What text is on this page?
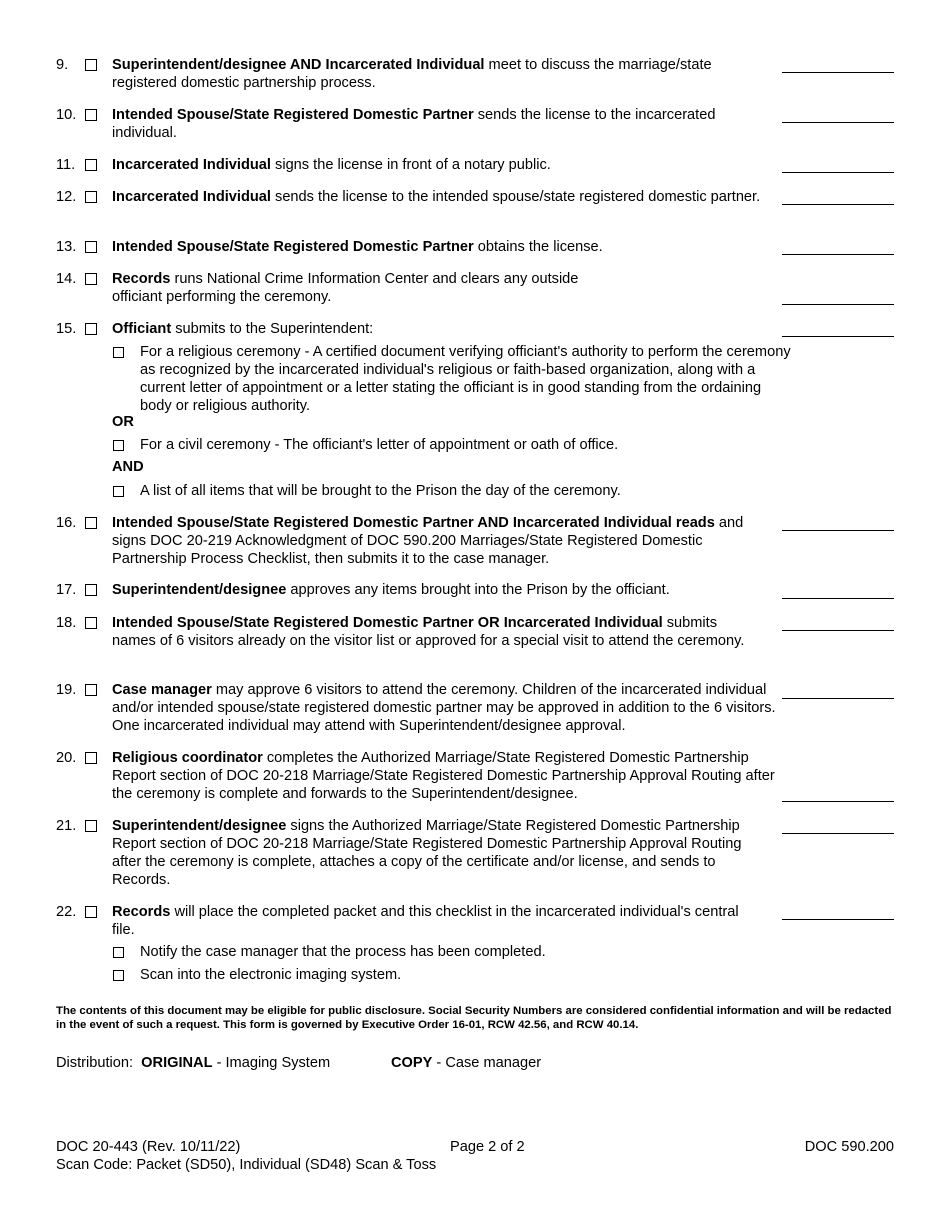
9.	Superintendent/designee AND Incarcerated Individual meet to discuss the marriage/state registered domestic partnership process.
10.	Intended Spouse/State Registered Domestic Partner sends the license to the incarcerated individual.
11.	Incarcerated Individual signs the license in front of a notary public.
12.	Incarcerated Individual sends the license to the intended spouse/state registered domestic partner.
13.	Intended Spouse/State Registered Domestic Partner obtains the license.
14.	Records runs National Crime Information Center and clears any outside officiant performing the ceremony.
15.	Officiant submits to the Superintendent:
For a religious ceremony - A certified document verifying officiant's authority to perform the ceremony as recognized by the incarcerated individual's religious or faith-based organization, along with a current letter of appointment or a letter stating the officiant is in good standing from the ordaining body or religious authority.
OR
For a civil ceremony - The officiant's letter of appointment or oath of office.
AND
A list of all items that will be brought to the Prison the day of the ceremony.
16.	Intended Spouse/State Registered Domestic Partner AND Incarcerated Individual reads and signs DOC 20-219 Acknowledgment of DOC 590.200 Marriages/State Registered Domestic Partnership Process Checklist, then submits it to the case manager.
17.	Superintendent/designee approves any items brought into the Prison by the officiant.
18.	Intended Spouse/State Registered Domestic Partner OR Incarcerated Individual submits names of 6 visitors already on the visitor list or approved for a special visit to attend the ceremony.
19.	Case manager may approve 6 visitors to attend the ceremony. Children of the incarcerated individual and/or intended spouse/state registered domestic partner may be approved in addition to the 6 visitors. One incarcerated individual may attend with Superintendent/designee approval.
20.	Religious coordinator completes the Authorized Marriage/State Registered Domestic Partnership Report section of DOC 20-218 Marriage/State Registered Domestic Partnership Approval Routing after the ceremony is complete and forwards to the Superintendent/designee.
21.	Superintendent/designee signs the Authorized Marriage/State Registered Domestic Partnership Report section of DOC 20-218 Marriage/State Registered Domestic Partnership Approval Routing after the ceremony is complete, attaches a copy of the certificate and/or license, and sends to Records.
22.	Records will place the completed packet and this checklist in the incarcerated individual's central file.
Notify the case manager that the process has been completed.
Scan into the electronic imaging system.
The contents of this document may be eligible for public disclosure. Social Security Numbers are considered confidential information and will be redacted in the event of such a request. This form is governed by Executive Order 16-01, RCW 42.56, and RCW 40.14.
Distribution:  ORIGINAL - Imaging System	COPY - Case manager
DOC 20-443 (Rev. 10/11/22)	Page 2 of 2	DOC 590.200
Scan Code: Packet (SD50), Individual (SD48) Scan & Toss
